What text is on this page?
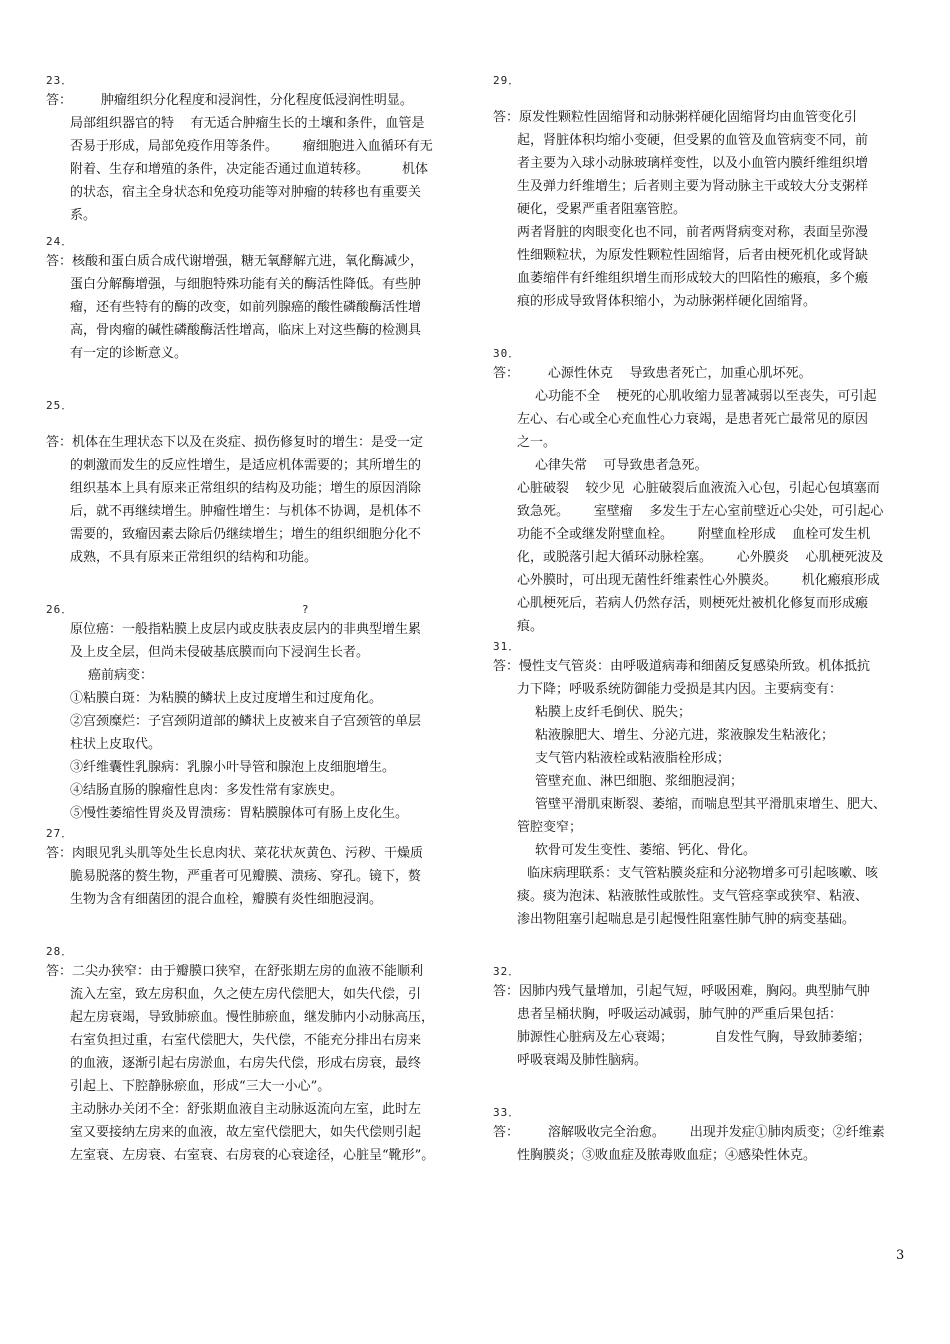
23．

答：       肿瘤组织分化程度和浸润性，分化程度低浸润性明显。

局部组织器官的特    有无适合肿瘤生长的土壤和条件，血管是

否易于形成，局部免疫作用等条件。      瘤细胞进入血循环有无

附着、生存和增殖的条件，决定能否通过血道转移。        机体

的状态，宿主全身状态和免疫功能等对肿瘤的转移也有重要关

系。

24．

答：核酸和蛋白质合成代谢增强，糖无氧酵解亢进，氧化酶减少，

蛋白分解酶增强，与细胞特殊功能有关的酶活性降低。有些肿

瘤，还有些特有的酶的改变，如前列腺癌的酸性磷酸酶活性增

高，骨肉瘤的碱性磷酸酶活性增高，临床上对这些酶的检测具

有一定的诊断意义。

25．

答：机体在生理状态下以及在炎症、损伤修复时的增生：是受一定

的刺激而发生的反应性增生，是适应机体需要的；其所增生的

组织基本上具有原来正常组织的结构及功能；增生的原因消除

后，就不再继续增生。肿瘤性增生：与机体不协调，是机体不

需要的，致瘤因素去除后仍继续增生；增生的组织细胞分化不

成熟，不具有原来正常组织的结构和功能。

26．                              ?

原位癌：一般指粘膜上皮层内或皮肤表皮层内的非典型增生累

及上皮全层，但尚未侵破基底膜而向下浸润生长者。

癌前病变：

①粘膜白斑：为粘膜的鳞状上皮过度增生和过度角化。

②宫颈糜烂：子宫颈阴道部的鳞状上皮被来自子宫颈管的单层

柱状上皮取代。

③纤维囊性乳腺病：乳腺小叶导管和腺泡上皮细胞增生。

④结肠直肠的腺瘤性息肉：多发性常有家族史。

⑤慢性萎缩性胃炎及胃溃疡：胃粘膜腺体可有肠上皮化生。

27．

答：肉眼见乳头肌等处生长息肉状、菜花状灰黄色、污秽、干燥质

脆易脱落的赘生物，严重者可见瓣膜、溃疡、穿孔。镜下，赘

生物为含有细菌团的混合血栓，瓣膜有炎性细胞浸润。

28．

答：二尖办狭窄：由于瓣膜口狭窄，在舒张期左房的血液不能顺利

流入左室，致左房积血，久之使左房代偿肥大，如失代偿，引

起左房衰竭，导致肺瘀血。慢性肺瘀血，继发肺内小动脉高压，

右室负担过重，右室代偿肥大，失代偿，不能充分排出右房来

的血液，逐渐引起右房淤血，右房失代偿，形成右房衰，最终

引起上、下腔静脉瘀血，形成“三大一小心”。

主动脉办关闭不全：舒张期血液自主动脉返流向左室，此时左

室又要接纳左房来的血液，故左室代偿肥大，如失代偿则引起

左室衰、左房衰、右室衰、右房衰的心衰途径，心脏呈“靴形”。

29．

答：原发性颗粒性固缩肾和动脉粥样硬化固缩肾均由血管变化引

起，肾脏体积均缩小变硬，但受累的血管及血管病变不同，前

者主要为入球小动脉玻璃样变性，以及小血管内膜纤维组织增

生及弹力纤维增生；后者则主要为肾动脉主干或较大分支粥样

硬化，受累严重者阻塞管腔。

两者肾脏的肉眼变化也不同，前者两肾病变对称，表面呈弥漫

性细颗粒状，为原发性颗粒性固缩肾，后者由梗死机化或肾缺

血萎缩伴有纤维组织增生而形成较大的凹陷性的瘢痕，多个瘢

痕的形成导致肾体积缩小，为动脉粥样硬化固缩肾。

30．

答：       心源性休克    导致患者死亡，加重心肌坏死。

心功能不全    梗死的心肌收缩力显著减弱以至丧失，可引起

左心、右心或全心充血性心力衰竭，是患者死亡最常见的原因

之一。

心律失常    可导致患者急死。

心脏破裂    较少见  心脏破裂后血液流入心包，引起心包填塞而

致急死。      室壁瘤    多发生于左心室前壁近心尖处，可引起心

功能不全或继发附壁血栓。      附壁血栓形成    血栓可发生机

化，或脱落引起大循环动脉栓塞。      心外膜炎    心肌梗死波及

心外膜时，可出现无菌性纤维素性心外膜炎。      机化瘢痕形成

心肌梗死后，若病人仍然存活，则梗死灶被机化修复而形成瘢

痕。

31．

答：慢性支气管炎：由呼吸道病毒和细菌反复感染所致。机体抵抗

力下降；呼吸系统防御能力受损是其内因。主要病变有：

粘膜上皮纤毛倒伏、脱失；

粘液腺肥大、增生、分泌亢进，浆液腺发生粘液化；

支气管内粘液栓或粘液脂栓形成；

管壁充血、淋巴细胞、浆细胞浸润；

管壁平滑肌束断裂、萎缩，而喘息型其平滑肌束增生、肥大、

管腔变窄；

软骨可发生变性、萎缩、钙化、骨化。

临床病理联系：支气管粘膜炎症和分泌物增多可引起咳嗽、咳

痰。痰为泡沫、粘液脓性或脓性。支气管痉挛或狭窄、粘液、

渗出物阻塞引起喘息是引起慢性阻塞性肺气肿的病变基础。

32．

答：因肺内残气量增加，引起气短，呼吸困难，胸闷。典型肺气肿

患者呈桶状胸，呼吸运动减弱，肺气肿的严重后果包括：

肺源性心脏病及左心衰竭；          自发性气胸，导致肺萎缩；

呼吸衰竭及肺性脑病。

33．

答：       溶解吸收完全治愈。      出现并发症①肺肉质变；②纤维素

性胸膜炎；③败血症及脓毒败血症；④感染性休克。

3
